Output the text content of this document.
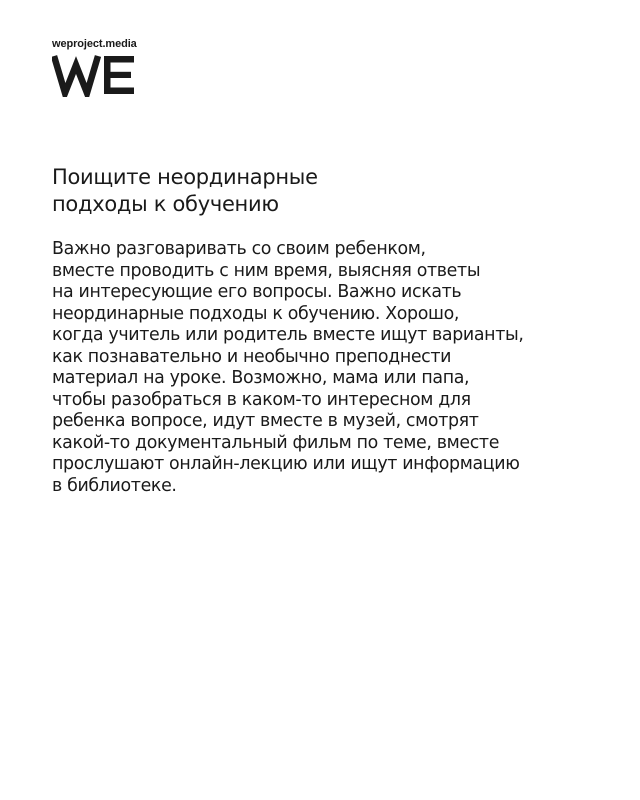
weproject.media
Поищите неординарные
подходы к обучению

Важно разговаривать со своим ребенком,
вместе проводить с ним время, выясняя ответы
на интересующие его вопросы. Важно искать
неординарные подходы к обучению. Хорошо,
когда учитель или родитель вместе ищут варианты,
как познавательно и необычно преподнести
материал на уроке. Возможно, мама или папа,
чтобы разобраться в каком-то интересном для
ребенка вопросе, идут вместе в музей, смотрят
какой-то документальный фильм по теме, вместе
прослушают онлайн-лекцию или ищут информацию
в библиотеке.
